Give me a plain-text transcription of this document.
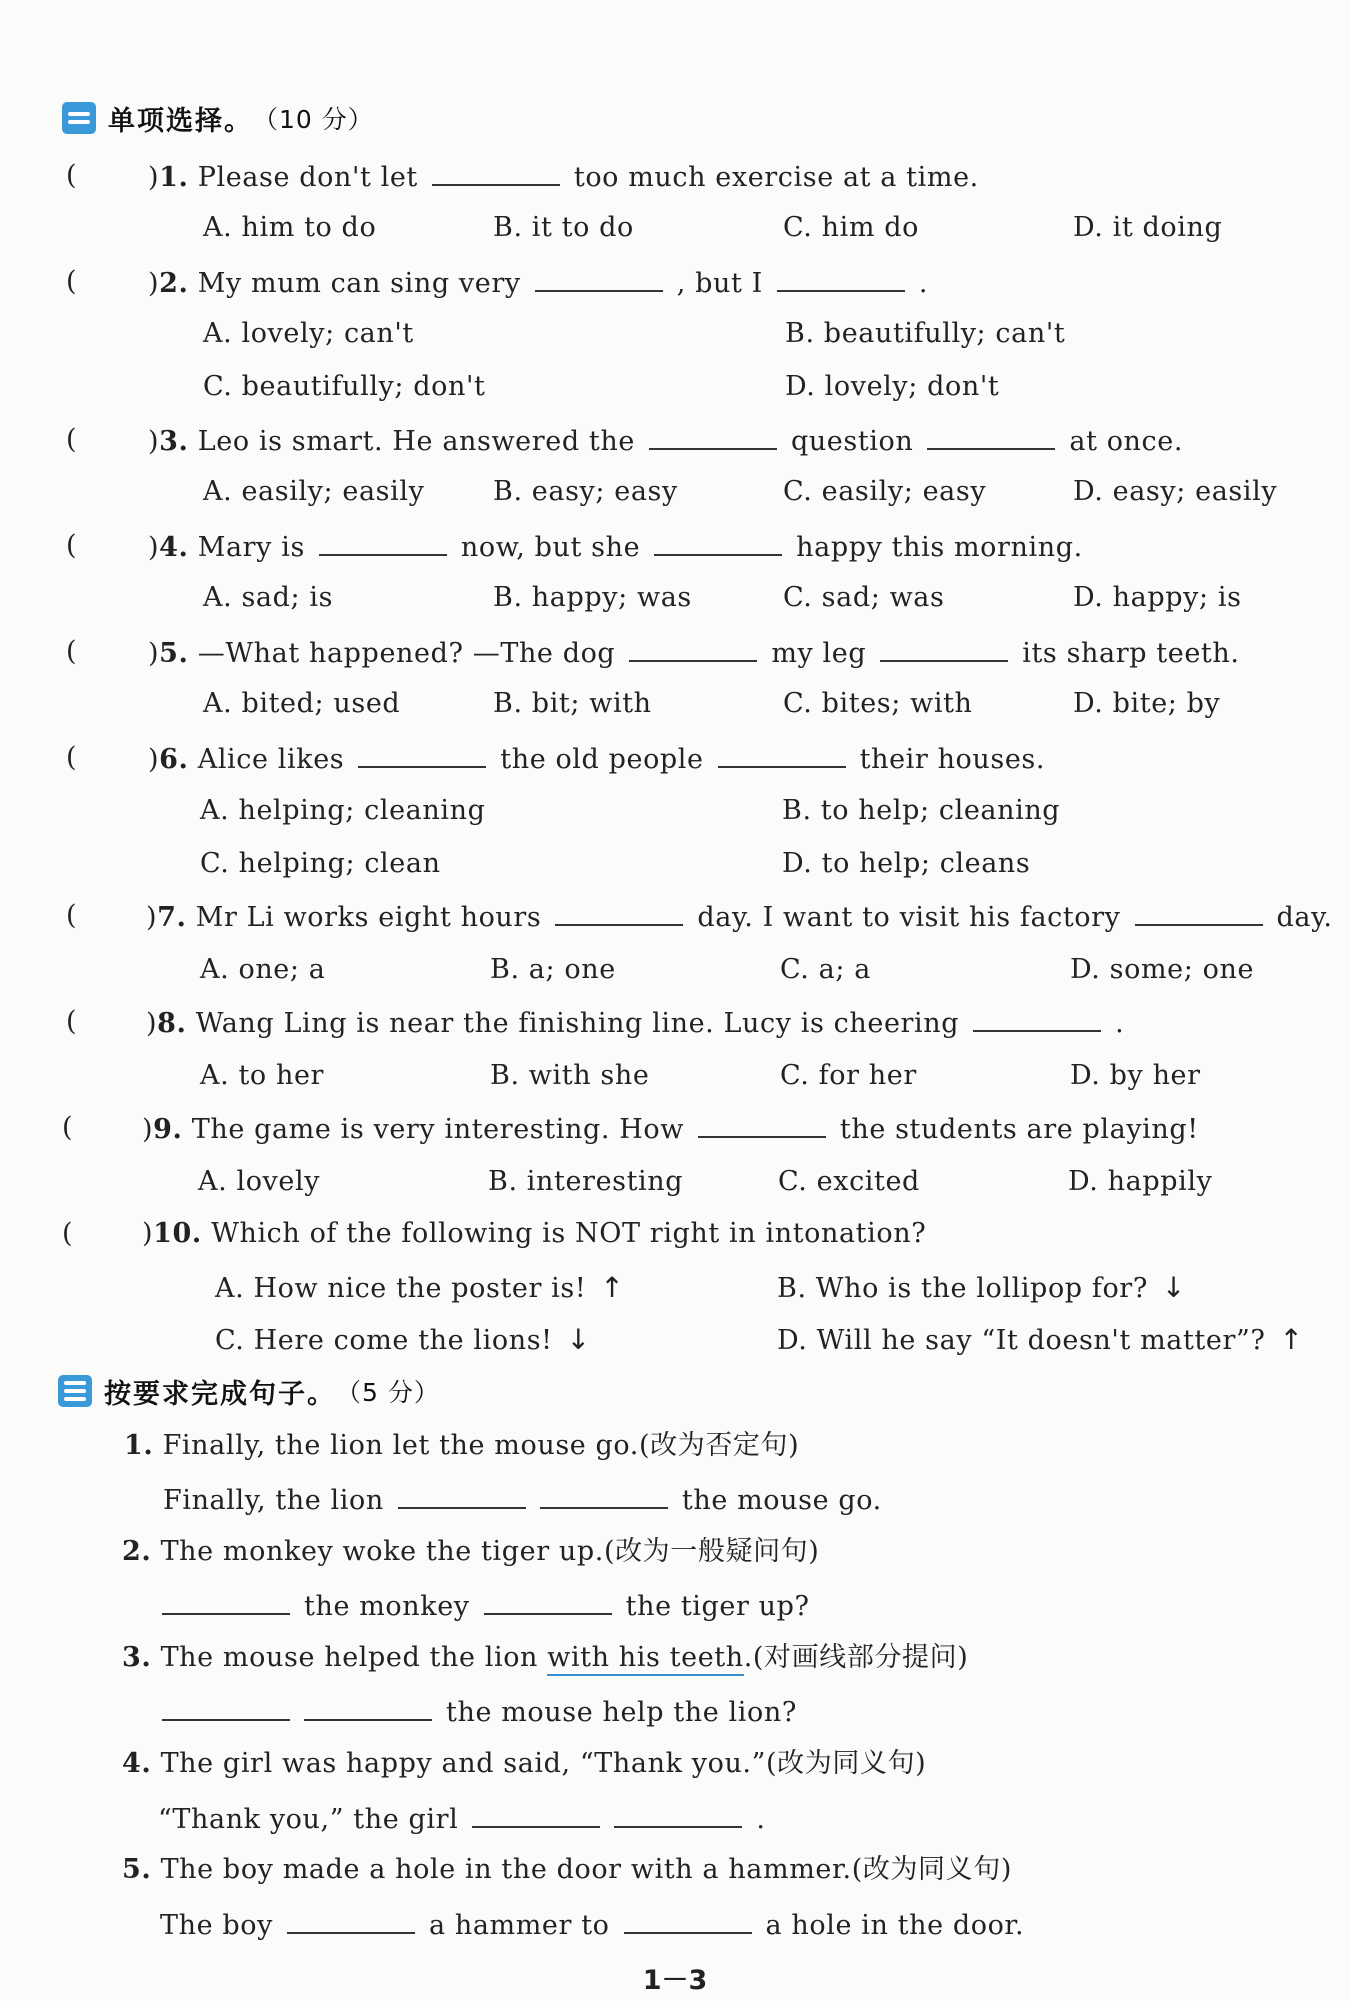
单项选择。 （10 分）
(	)1. Please don't let	too much exercise at a time.
A. him to do	B. it to do	C. him do	D. it doing
(	)2. My mum can sing very	, but I	.
A. lovely; can't	B. beautifully; can't
C. beautifully; don't	D. lovely; don't
(	)3. Leo is smart. He answered the	question	at once.
A. easily; easily	B. easy; easy	C. easily; easy	D. easy; easily
(	)4. Mary is	now, but she	happy this morning.
A. sad; is	B. happy; was	C. sad; was	D. happy; is
(	)5. —What happened? —The dog	my leg	its sharp teeth.
A. bited; used	B. bit; with	C. bites; with	D. bite; by
(	)6. Alice likes	the old people	their houses.
A. helping; cleaning	B. to help; cleaning
C. helping; clean	D. to help; cleans
(	)7. Mr Li works eight hours	day. I want to visit his factory	day.
A. one; a	B. a; one	C. a; a	D. some; one
(	)8. Wang Ling is near the finishing line. Lucy is cheering	.
A. to her	B. with she	C. for her	D. by her
(	)9. The game is very interesting. How	the students are playing!
A. lovely	B. interesting	C. excited	D. happily
(	)10. Which of the following is NOT right in intonation?
A. How nice the poster is! ↑	B. Who is the lollipop for? ↓
C. Here come the lions! ↓	D. Will he say “It doesn't matter”? ↑
按要求完成句子。 （5 分）
1. Finally, the lion let the mouse go.(改为否定句)
Finally, the lion	the mouse go.
2. The monkey woke the tiger up.(改为一般疑问句)
the monkey	the tiger up?
3. The mouse helped the lion with his teeth.(对画线部分提问)
the mouse help the lion?
4. The girl was happy and said, “Thank you.”(改为同义句)
“Thank you,” the girl	.
5. The boy made a hole in the door with a hammer.(改为同义句)
The boy	a hammer to	a hole in the door.
1－3
